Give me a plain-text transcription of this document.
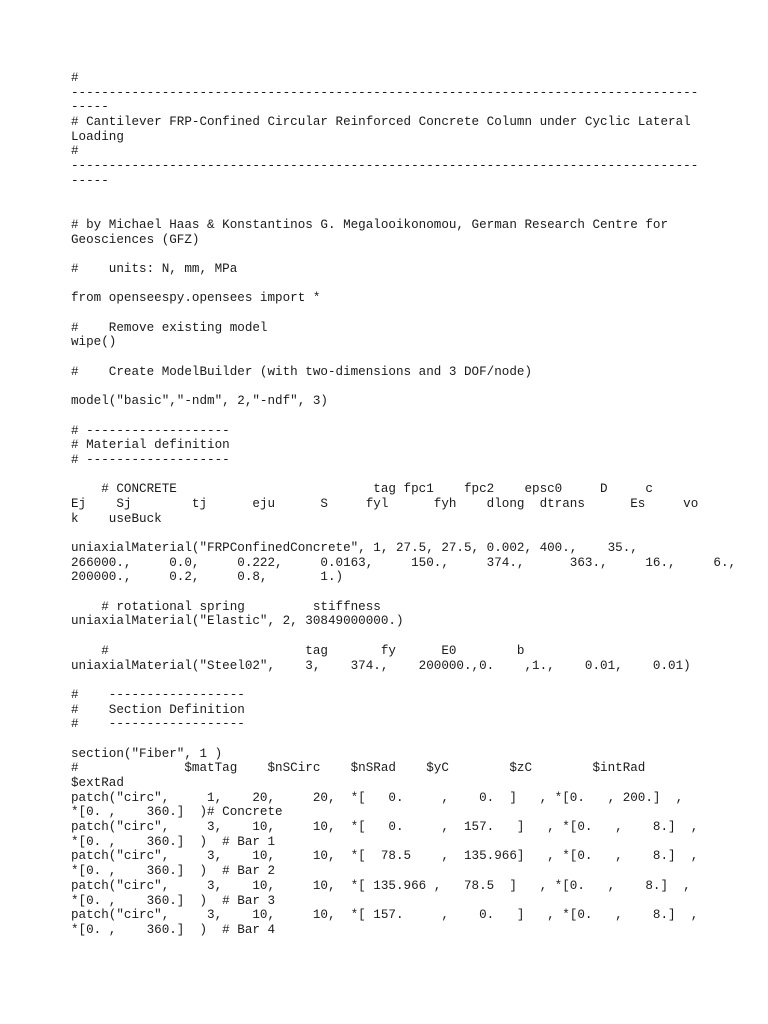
#
-----------------------------------------------------------------------------------
-----
# Cantilever FRP-Confined Circular Reinforced Concrete Column under Cyclic Lateral
Loading
#
-----------------------------------------------------------------------------------
-----
# by Michael Haas & Konstantinos G. Megalooikonomou, German Research Centre for
Geosciences (GFZ)
#    units: N, mm, MPa
from openseespy.opensees import *
#    Remove existing model
wipe()
#    Create ModelBuilder (with two-dimensions and 3 DOF/node)
model("basic","-ndm", 2,"-ndf", 3)
# -------------------
# Material definition
# -------------------
# CONCRETE                          tag fpc1    fpc2    epsc0     D     c
Ej    Sj        tj      eju      S     fyl      fyh    dlong  dtrans      Es     vo
k    useBuck
uniaxialMaterial("FRPConfinedConcrete", 1, 27.5, 27.5, 0.002, 400.,    35.,
266000.,     0.0,     0.222,     0.0163,     150.,     374.,      363.,     16.,     6.,
200000.,     0.2,     0.8,       1.)
# rotational spring         stiffness
uniaxialMaterial("Elastic", 2, 30849000000.)
#                          tag       fy      E0        b
uniaxialMaterial("Steel02",    3,    374.,    200000.,0.    ,1.,    0.01,    0.01)
#    ------------------
#    Section Definition
#    ------------------
section("Fiber", 1 )
#              $matTag    $nSCirc    $nSRad    $yC        $zC        $intRad
$extRad
patch("circ",     1,    20,     20,  *[   0.     ,    0.  ]   , *[0.   , 200.]  ,
*[0. ,    360.]  )# Concrete
patch("circ",     3,    10,     10,  *[   0.     ,  157.   ]   , *[0.   ,    8.]  ,
*[0. ,    360.]  )  # Bar 1
patch("circ",     3,    10,     10,  *[  78.5    ,  135.966]   , *[0.   ,    8.]  ,
*[0. ,    360.]  )  # Bar 2
patch("circ",     3,    10,     10,  *[ 135.966 ,   78.5  ]   , *[0.   ,    8.]  ,
*[0. ,    360.]  )  # Bar 3
patch("circ",     3,    10,     10,  *[ 157.     ,    0.   ]   , *[0.   ,    8.]  ,
*[0. ,    360.]  )  # Bar 4
